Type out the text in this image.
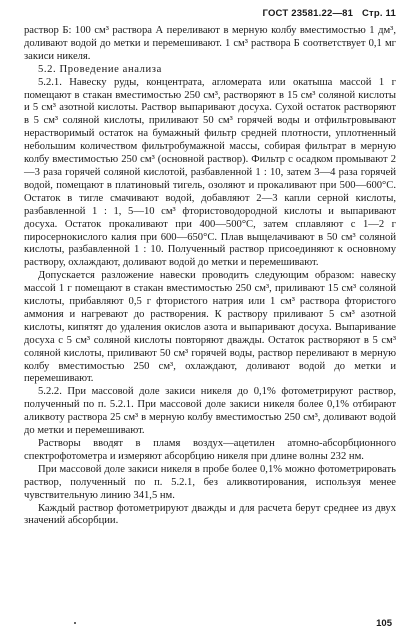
ГОСТ 23581.22—81 Стр. 11

раствор Б: 100 см³ раствора А переливают в мерную колбу вместимостью 1 дм³, доливают водой до метки и перемешивают. 1 см³ раствора Б соответствует 0,1 мг закиси никеля.

5.2. Проведение анализа

5.2.1. Навеску руды, концентрата, агломерата или окатыша массой 1 г помещают в стакан вместимостью 250 см³, растворяют в 15 см³ соляной кислоты и 5 см³ азотной кислоты. Раствор выпаривают досуха. Сухой остаток растворяют в 5 см³ соляной кислоты, приливают 50 см³ горячей воды и отфильтровывают нерастворимый остаток на бумажный фильтр средней плотности, уплотненный небольшим количеством фильтробумажной массы, собирая фильтрат в мерную колбу вместимостью 250 см³ (основной раствор). Фильтр с осадком промывают 2—3 раза горячей соляной кислотой, разбавленной 1 : 10, затем 3—4 раза горячей водой, помещают в платиновый тигель, озоляют и прокаливают при 500—600°С. Остаток в тигле смачивают водой, добавляют 2—3 капли серной кислоты, разбавленной 1 : 1, 5—10 см³ фтористоводородной кислоты и выпаривают досуха. Остаток прокаливают при 400—500°С, затем сплавляют с 1—2 г пиросернокислого калия при 600—650°С. Плав выщелачивают в 50 см³ соляной кислоты, разбавленной 1 : 10. Полученный раствор присоединяют к основному раствору, охлаждают, доливают водой до метки и перемешивают.

Допускается разложение навески проводить следующим образом: навеску массой 1 г помещают в стакан вместимостью 250 см³, приливают 15 см³ соляной кислоты, прибавляют 0,5 г фтористого натрия или 1 см³ раствора фтористого аммония и нагревают до растворения. К раствору приливают 5 см³ азотной кислоты, кипятят до удаления окислов азота и выпаривают досуха. Выпаривание досуха с 5 см³ соляной кислоты повторяют дважды. Остаток растворяют в 5 см³ соляной кислоты, приливают 50 см³ горячей воды, раствор переливают в мерную колбу вместимостью 250 см³, охлаждают, доливают водой до метки и перемешивают.

5.2.2. При массовой доле закиси никеля до 0,1% фотометрируют раствор, полученный по п. 5.2.1. При массовой доле закиси никеля более 0,1% отбирают аликвоту раствора 25 см³ в мерную колбу вместимостью 250 см³, доливают водой до метки и перемешивают.

Растворы вводят в пламя воздух—ацетилен атомно-абсорбционного спектрофотометра и измеряют абсорбцию никеля при длине волны 232 нм.

При массовой доле закиси никеля в пробе более 0,1% можно фотометрировать раствор, полученный по п. 5.2.1, без аликвотирования, используя менее чувствительную линию 341,5 нм.

Каждый раствор фотометрируют дважды и для расчета берут среднее из двух значений абсорбции.

105
